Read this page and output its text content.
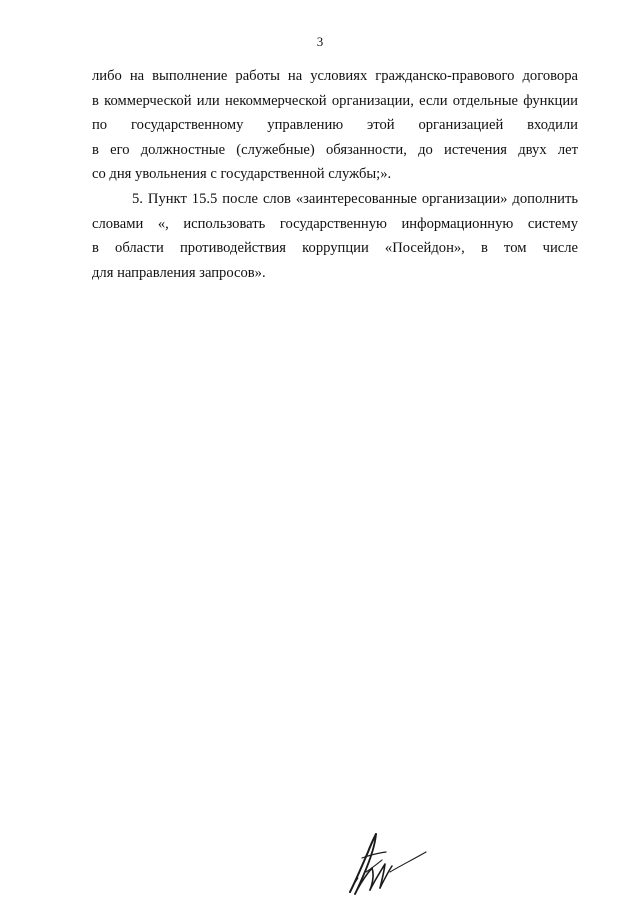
3
либо на выполнение работы на условиях гражданско-правового договора
в коммерческой или некоммерческой организации, если отдельные функции
по государственному управлению этой организацией входили
в его должностные (служебные) обязанности, до истечения двух лет
со дня увольнения с государственной службы;».
5. Пункт 15.5 после слов «заинтересованные организации» дополнить
словами «, использовать государственную информационную систему
в области противодействия коррупции «Посейдон», в том числе
для направления запросов».
